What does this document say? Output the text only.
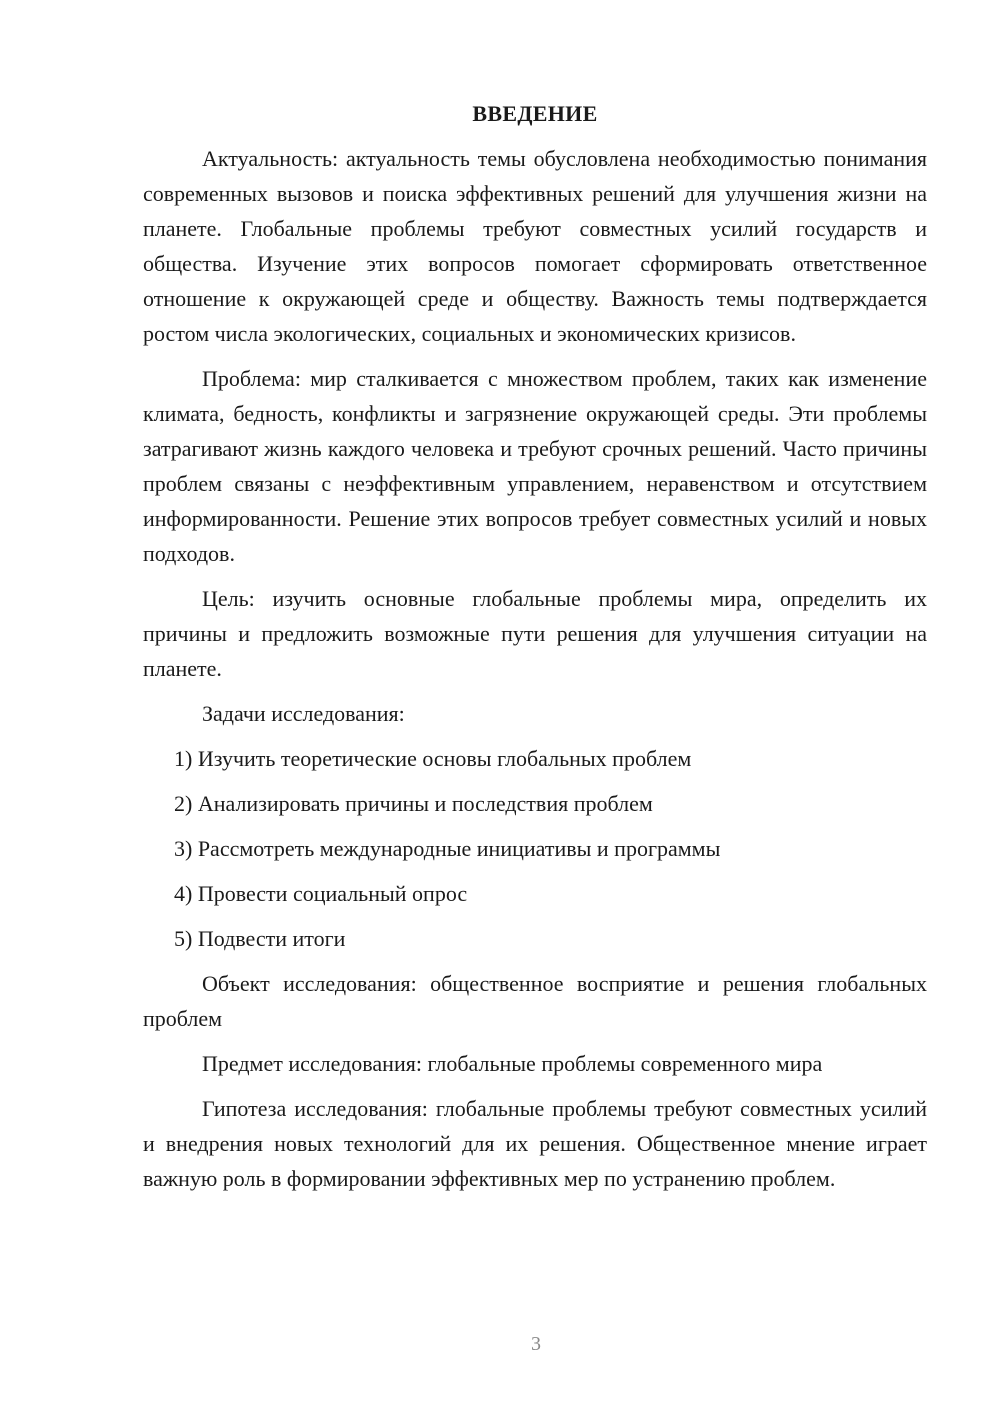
ВВЕДЕНИЕ
Актуальность: актуальность темы обусловлена необходимостью понимания современных вызовов и поиска эффективных решений для улучшения жизни на планете. Глобальные проблемы требуют совместных усилий государств и общества. Изучение этих вопросов помогает сформировать ответственное отношение к окружающей среде и обществу. Важность темы подтверждается ростом числа экологических, социальных и экономических кризисов.
Проблема: мир сталкивается с множеством проблем, таких как изменение климата, бедность, конфликты и загрязнение окружающей среды. Эти проблемы затрагивают жизнь каждого человека и требуют срочных решений. Часто причины проблем связаны с неэффективным управлением, неравенством и отсутствием информированности. Решение этих вопросов требует совместных усилий и новых подходов.
Цель: изучить основные глобальные проблемы мира, определить их причины и предложить возможные пути решения для улучшения ситуации на планете.
Задачи исследования:
1) Изучить теоретические основы глобальных проблем
2) Анализировать причины и последствия проблем
3) Рассмотреть международные инициативы и программы
4) Провести социальный опрос
5) Подвести итоги
Объект исследования: общественное восприятие и решения глобальных проблем
Предмет исследования: глобальные проблемы современного мира
Гипотеза исследования: глобальные проблемы требуют совместных усилий и внедрения новых технологий для их решения. Общественное мнение играет важную роль в формировании эффективных мер по устранению проблем.
3
